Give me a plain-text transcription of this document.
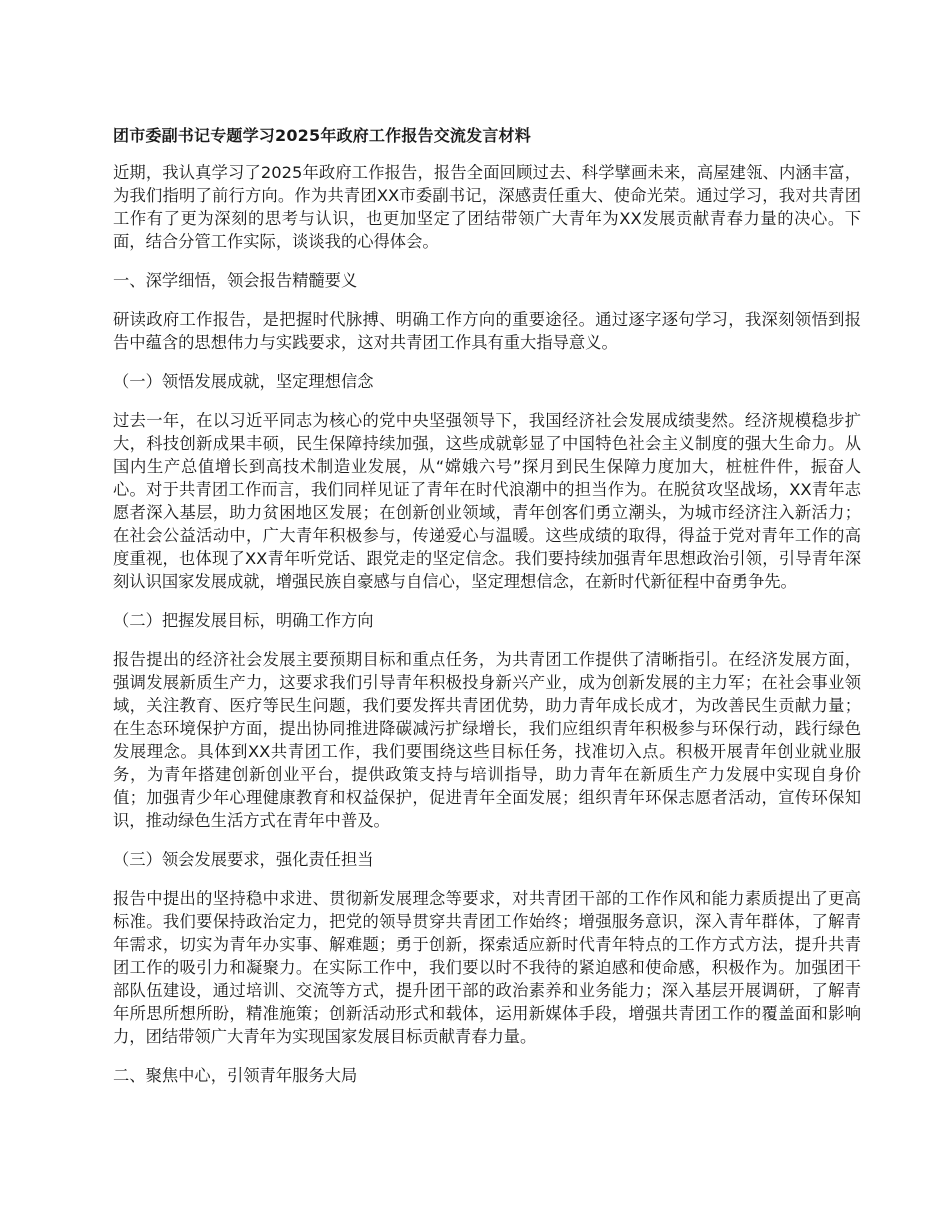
团市委副书记专题学习2025年政府工作报告交流发言材料

近期，我认真学习了2025年政府工作报告，报告全面回顾过去、科学擘画未来，高屋建瓴、内涵丰富，为我们指明了前行方向。作为共青团XX市委副书记，深感责任重大、使命光荣。通过学习，我对共青团工作有了更为深刻的思考与认识，也更加坚定了团结带领广大青年为XX发展贡献青春力量的决心。下面，结合分管工作实际，谈谈我的心得体会。

一、深学细悟，领会报告精髓要义

研读政府工作报告，是把握时代脉搏、明确工作方向的重要途径。通过逐字逐句学习，我深刻领悟到报告中蕴含的思想伟力与实践要求，这对共青团工作具有重大指导意义。

（一）领悟发展成就，坚定理想信念

过去一年，在以习近平同志为核心的党中央坚强领导下，我国经济社会发展成绩斐然。经济规模稳步扩大，科技创新成果丰硕，民生保障持续加强，这些成就彰显了中国特色社会主义制度的强大生命力。从国内生产总值增长到高技术制造业发展，从“嫦娥六号”探月到民生保障力度加大，桩桩件件，振奋人心。对于共青团工作而言，我们同样见证了青年在时代浪潮中的担当作为。在脱贫攻坚战场，XX青年志愿者深入基层，助力贫困地区发展；在创新创业领域，青年创客们勇立潮头，为城市经济注入新活力；在社会公益活动中，广大青年积极参与，传递爱心与温暖。这些成绩的取得，得益于党对青年工作的高度重视，也体现了XX青年听党话、跟党走的坚定信念。我们要持续加强青年思想政治引领，引导青年深刻认识国家发展成就，增强民族自豪感与自信心，坚定理想信念，在新时代新征程中奋勇争先。

（二）把握发展目标，明确工作方向

报告提出的经济社会发展主要预期目标和重点任务，为共青团工作提供了清晰指引。在经济发展方面，强调发展新质生产力，这要求我们引导青年积极投身新兴产业，成为创新发展的主力军；在社会事业领域，关注教育、医疗等民生问题，我们要发挥共青团优势，助力青年成长成才，为改善民生贡献力量；在生态环境保护方面，提出协同推进降碳减污扩绿增长，我们应组织青年积极参与环保行动，践行绿色发展理念。具体到XX共青团工作，我们要围绕这些目标任务，找准切入点。积极开展青年创业就业服务，为青年搭建创新创业平台，提供政策支持与培训指导，助力青年在新质生产力发展中实现自身价值；加强青少年心理健康教育和权益保护，促进青年全面发展；组织青年环保志愿者活动，宣传环保知识，推动绿色生活方式在青年中普及。

（三）领会发展要求，强化责任担当

报告中提出的坚持稳中求进、贯彻新发展理念等要求，对共青团干部的工作作风和能力素质提出了更高标准。我们要保持政治定力，把党的领导贯穿共青团工作始终；增强服务意识，深入青年群体，了解青年需求，切实为青年办实事、解难题；勇于创新，探索适应新时代青年特点的工作方式方法，提升共青团工作的吸引力和凝聚力。在实际工作中，我们要以时不我待的紧迫感和使命感，积极作为。加强团干部队伍建设，通过培训、交流等方式，提升团干部的政治素养和业务能力；深入基层开展调研，了解青年所思所想所盼，精准施策；创新活动形式和载体，运用新媒体手段，增强共青团工作的覆盖面和影响力，团结带领广大青年为实现国家发展目标贡献青春力量。

二、聚焦中心，引领青年服务大局
